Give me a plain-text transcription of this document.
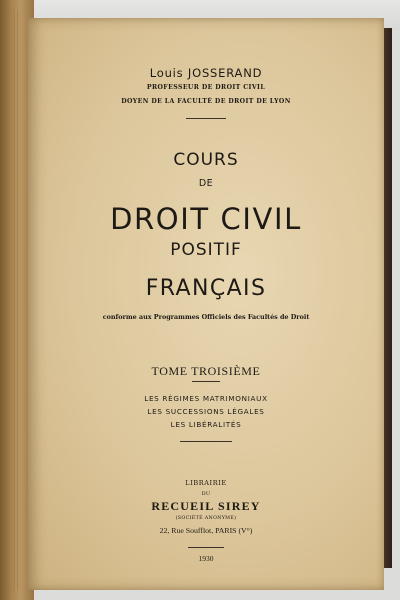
Louis JOSSERAND
PROFESSEUR DE DROIT CIVIL
DOYEN DE LA FACULTÉ DE DROIT DE LYON
COURS
DE
DROIT CIVIL
POSITIF
FRANÇAIS
conforme aux Programmes Officiels des Facultés de Droit
TOME TROISIÈME
LES RÉGIMES MATRIMONIAUX
LES SUCCESSIONS LÉGALES
LES LIBÉRALITÉS
LIBRAIRIE
DU
RECUEIL SIREY
(SOCIÉTÉ ANONYME)
22, Rue Soufflot, PARIS (V°)
1930
